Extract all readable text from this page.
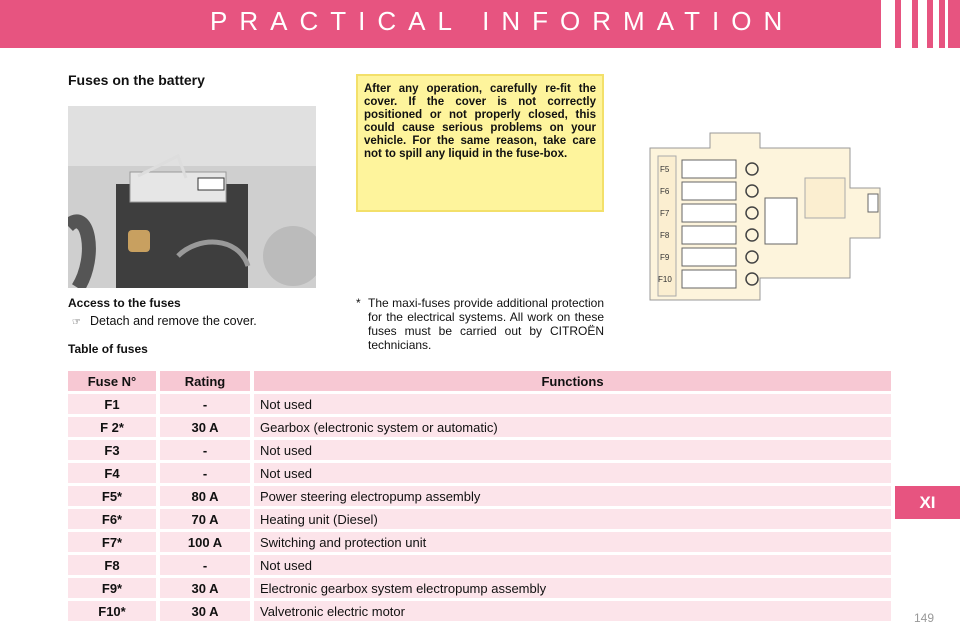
PRACTICAL INFORMATION
Fuses on the battery
After any operation, carefully re-fit the cover. If the cover is not correctly positioned or not properly closed, this could cause serious problems on your vehicle. For the same reason, take care not to spill any liquid in the fuse-box.
F5
F6
F7
F8
F9
F10
Access to the fuses
☞ Detach and remove the cover.
* The maxi-fuses provide additional protection for the electrical systems. All work on these fuses must be carried out by CITROËN technicians.
Table of fuses
Fuse N°		Rating		Functions
F1		-		Not used
F 2*		30 A		Gearbox (electronic system or automatic)
F3		-		Not used
F4		-		Not used
F5*		80 A		Power steering electropump assembly
F6*		70 A		Heating unit (Diesel)
F7*		100 A		Switching and protection unit
F8		-		Not used
F9*		30 A		Electronic gearbox system electropump assembly
F10*		30 A		Valvetronic electric motor
XI
149
